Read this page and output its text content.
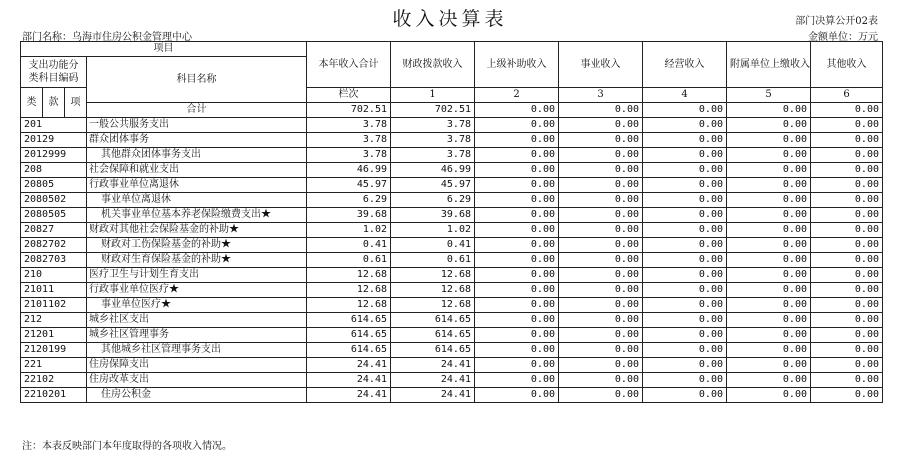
收入决算表	部门决算公开02表
部门名称：乌海市住房公积金管理中心	金额单位：万元
项目				本年收入合计	财政拨款收入	上级补助收入	事业收入	经营收入	附属单位上缴收入	其他收入	
支出功能分类科目编码			科目名称								

类	款	项		栏次	1	2	3	4	5	6	
			合计	702.51	702.51	0.00	0.00	0.00	0.00	0.00	
201			一般公共服务支出	3.78	3.78	0.00	0.00	0.00	0.00	0.00	
20129			群众团体事务	3.78	3.78	0.00	0.00	0.00	0.00	0.00	
2012999			其他群众团体事务支出	3.78	3.78	0.00	0.00	0.00	0.00	0.00	
208			社会保障和就业支出	46.99	46.99	0.00	0.00	0.00	0.00	0.00	
20805			行政事业单位离退休	45.97	45.97	0.00	0.00	0.00	0.00	0.00	
2080502			事业单位离退休	6.29	6.29	0.00	0.00	0.00	0.00	0.00	
2080505			机关事业单位基本养老保险缴费支出★	39.68	39.68	0.00	0.00	0.00	0.00	0.00	
20827			财政对其他社会保险基金的补助★	1.02	1.02	0.00	0.00	0.00	0.00	0.00	
2082702			财政对工伤保险基金的补助★	0.41	0.41	0.00	0.00	0.00	0.00	0.00	
2082703			财政对生育保险基金的补助★	0.61	0.61	0.00	0.00	0.00	0.00	0.00	
210			医疗卫生与计划生育支出	12.68	12.68	0.00	0.00	0.00	0.00	0.00	
21011			行政事业单位医疗★	12.68	12.68	0.00	0.00	0.00	0.00	0.00	
2101102			事业单位医疗★	12.68	12.68	0.00	0.00	0.00	0.00	0.00	
212			城乡社区支出	614.65	614.65	0.00	0.00	0.00	0.00	0.00	
21201			城乡社区管理事务	614.65	614.65	0.00	0.00	0.00	0.00	0.00	
2120199			其他城乡社区管理事务支出	614.65	614.65	0.00	0.00	0.00	0.00	0.00	
221			住房保障支出	24.41	24.41	0.00	0.00	0.00	0.00	0.00	
22102			住房改革支出	24.41	24.41	0.00	0.00	0.00	0.00	0.00	
2210201			住房公积金	24.41	24.41	0.00	0.00	0.00	0.00	0.00	
注：本表反映部门本年度取得的各项收入情况。
